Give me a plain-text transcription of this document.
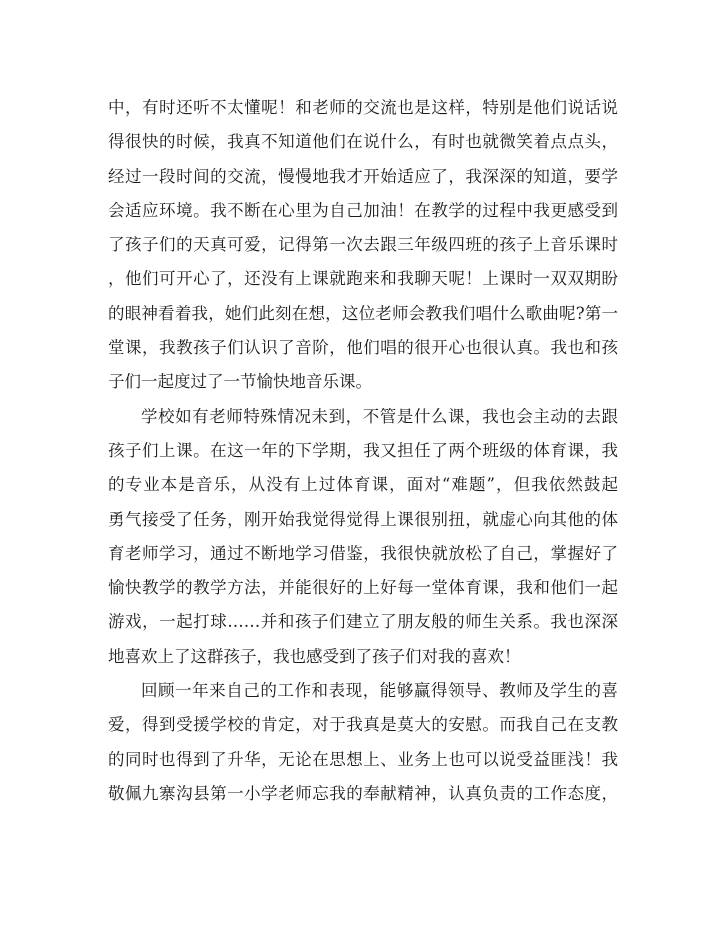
中，有时还听不太懂呢！和老师的交流也是这样，特别是他们说话说
得很快的时候，我真不知道他们在说什么，有时也就微笑着点点头，
经过一段时间的交流，慢慢地我才开始适应了，我深深的知道，要学
会适应环境。我不断在心里为自己加油！在教学的过程中我更感受到
了孩子们的天真可爱，记得第一次去跟三年级四班的孩子上音乐课时
，他们可开心了，还没有上课就跑来和我聊天呢！上课时一双双期盼
的眼神看着我，她们此刻在想，这位老师会教我们唱什么歌曲呢?第一
堂课，我教孩子们认识了音阶，他们唱的很开心也很认真。我也和孩
子们一起度过了一节愉快地音乐课。
学校如有老师特殊情况未到，不管是什么课，我也会主动的去跟
孩子们上课。在这一年的下学期，我又担任了两个班级的体育课，我
的专业本是音乐，从没有上过体育课，面对“难题”，但我依然鼓起
勇气接受了任务，刚开始我觉得觉得上课很别扭，就虚心向其他的体
育老师学习，通过不断地学习借鉴，我很快就放松了自己，掌握好了
愉快教学的教学方法，并能很好的上好每一堂体育课，我和他们一起
游戏，一起打球……并和孩子们建立了朋友般的师生关系。我也深深
地喜欢上了这群孩子，我也感受到了孩子们对我的喜欢！
回顾一年来自己的工作和表现，能够赢得领导、教师及学生的喜
爱，得到受援学校的肯定，对于我真是莫大的安慰。而我自己在支教
的同时也得到了升华，无论在思想上、业务上也可以说受益匪浅！我
敬佩九寨沟县第一小学老师忘我的奉献精神，认真负责的工作态度，
